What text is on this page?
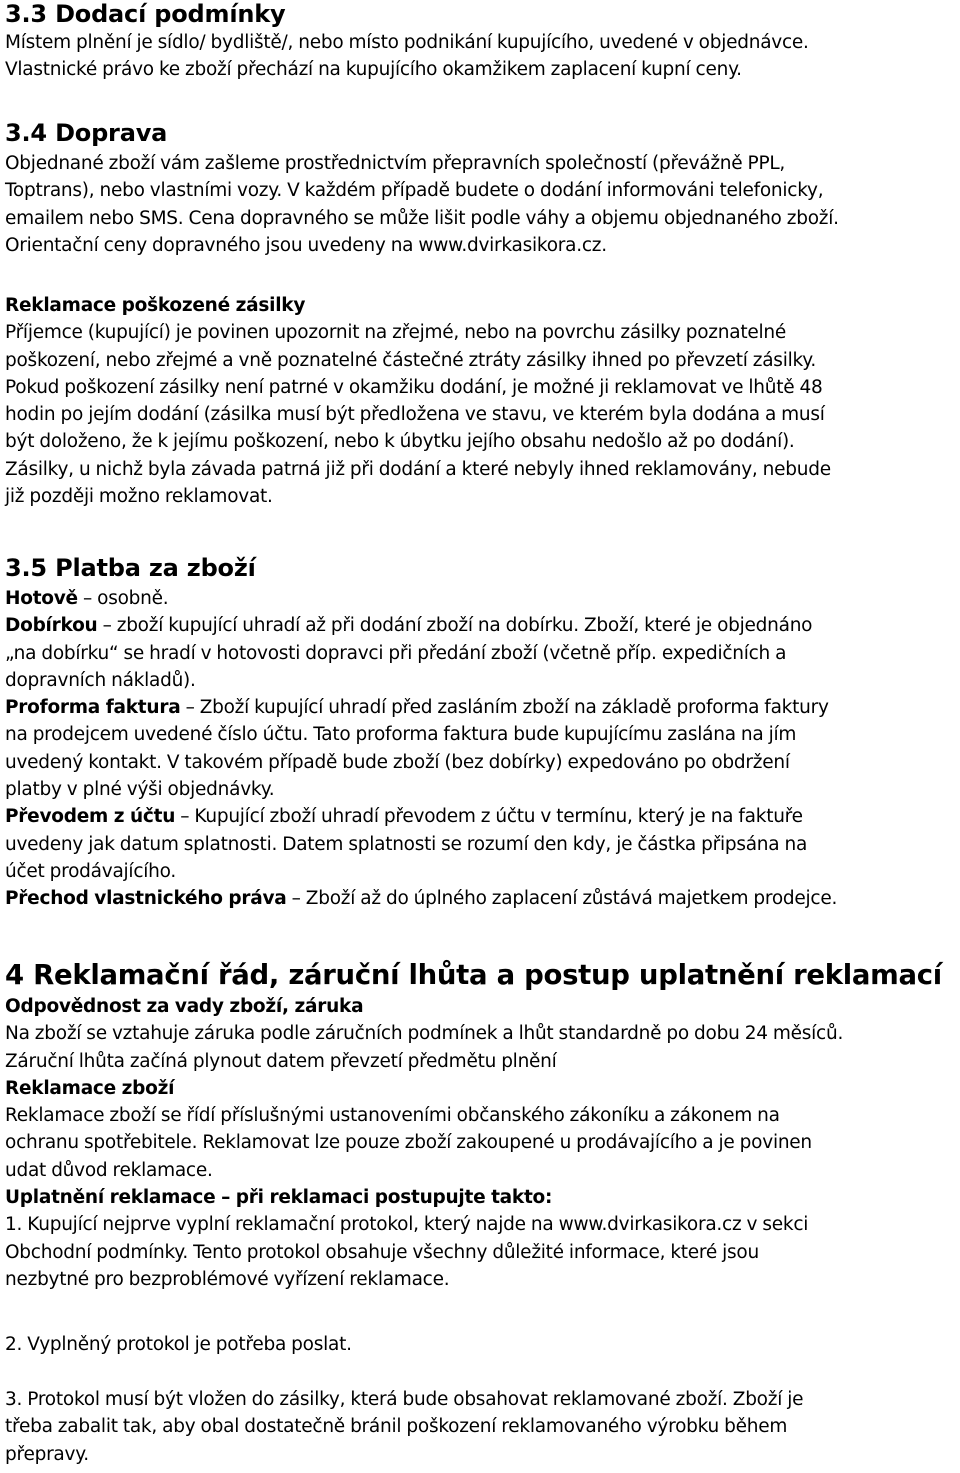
3.3 Dodací podmínky

Místem plnění je sídlo/ bydliště/, nebo místo podnikání kupujícího, uvedené v objednávce.
Vlastnické právo ke zboží přechází na kupujícího okamžikem zaplacení kupní ceny.

3.4 Doprava

Objednané zboží vám zašleme prostřednictvím přepravních společností (převážně PPL,
Toptrans), nebo vlastními vozy. V každém případě budete o dodání informováni telefonicky,
emailem nebo SMS. Cena dopravného se může lišit podle váhy a objemu objednaného zboží.
Orientační ceny dopravného jsou uvedeny na www.dvirkasikora.cz.

Reklamace poškozené zásilky
Příjemce (kupující) je povinen upozornit na zřejmé, nebo na povrchu zásilky poznatelné
poškození, nebo zřejmé a vně poznatelné částečné ztráty zásilky ihned po převzetí zásilky.
Pokud poškození zásilky není patrné v okamžiku dodání, je možné ji reklamovat ve lhůtě 48
hodin po jejím dodání (zásilka musí být předložena ve stavu, ve kterém byla dodána a musí
být doloženo, že k jejímu poškození, nebo k úbytku jejího obsahu nedošlo až po dodání).
Zásilky, u nichž byla závada patrná již při dodání a které nebyly ihned reklamovány, nebude
již později možno reklamovat.

3.5 Platba za zboží

Hotově – osobně.
Dobírkou – zboží kupující uhradí až při dodání zboží na dobírku. Zboží, které je objednáno
„na dobírku“ se hradí v hotovosti dopravci při předání zboží (včetně příp. expedičních a
dopravních nákladů).
Proforma faktura – Zboží kupující uhradí před zasláním zboží na základě proforma faktury
na prodejcem uvedené číslo účtu. Tato proforma faktura bude kupujícímu zaslána na jím
uvedený kontakt. V takovém případě bude zboží (bez dobírky) expedováno po obdržení
platby v plné výši objednávky.
Převodem z účtu – Kupující zboží uhradí převodem z účtu v termínu, který je na faktuře
uvedeny jak datum splatnosti. Datem splatnosti se rozumí den kdy, je částka připsána na
účet prodávajícího.
Přechod vlastnického práva – Zboží až do úplného zaplacení zůstává majetkem prodejce.

4 Reklamační řád, záruční lhůta a postup uplatnění reklamací

Odpovědnost za vady zboží, záruka
Na zboží se vztahuje záruka podle záručních podmínek a lhůt standardně po dobu 24 měsíců.
Záruční lhůta začíná plynout datem převzetí předmětu plnění
Reklamace zboží
Reklamace zboží se řídí příslušnými ustanoveními občanského zákoníku a zákonem na
ochranu spotřebitele. Reklamovat lze pouze zboží zakoupené u prodávajícího a je povinen
udat důvod reklamace.
Uplatnění reklamace – při reklamaci postupujte takto:
1. Kupující nejprve vyplní reklamační protokol, který najde na www.dvirkasikora.cz v sekci
Obchodní podmínky. Tento protokol obsahuje všechny důležité informace, které jsou
nezbytné pro bezproblémové vyřízení reklamace.

2. Vyplněný protokol je potřeba poslat.

3. Protokol musí být vložen do zásilky, která bude obsahovat reklamované zboží. Zboží je
třeba zabalit tak, aby obal dostatečně bránil poškození reklamovaného výrobku během
přepravy.
